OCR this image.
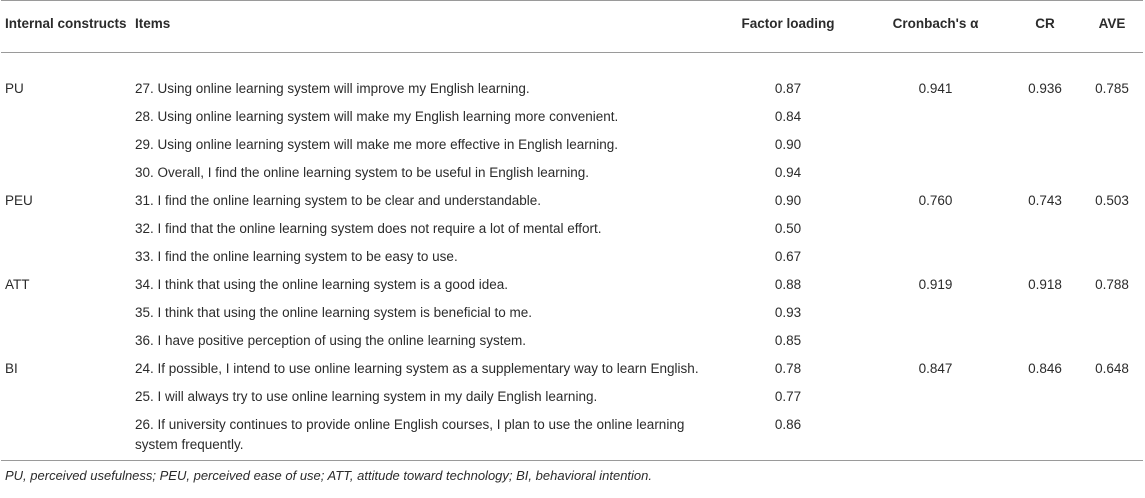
Internal constructs	Items	Factor loading	Cronbach's α	CR	AVE
PU	27. Using online learning system will improve my English learning.	0.87	0.941	0.936	0.785
	28. Using online learning system will make my English learning more convenient.	0.84			
	29. Using online learning system will make me more effective in English learning.	0.90			
	30. Overall, I find the online learning system to be useful in English learning.	0.94			
PEU	31. I find the online learning system to be clear and understandable.	0.90	0.760	0.743	0.503
	32. I find that the online learning system does not require a lot of mental effort.	0.50			
	33. I find the online learning system to be easy to use.	0.67			
ATT	34. I think that using the online learning system is a good idea.	0.88	0.919	0.918	0.788
	35. I think that using the online learning system is beneficial to me.	0.93			
	36. I have positive perception of using the online learning system.	0.85			
BI	24. If possible, I intend to use online learning system as a supplementary way to learn English.	0.78	0.847	0.846	0.648
	25. I will always try to use online learning system in my daily English learning.	0.77			
	26. If university continues to provide online English courses, I plan to use the online learning system frequently.	0.86			
PU, perceived usefulness; PEU, perceived ease of use; ATT, attitude toward technology; BI, behavioral intention.
